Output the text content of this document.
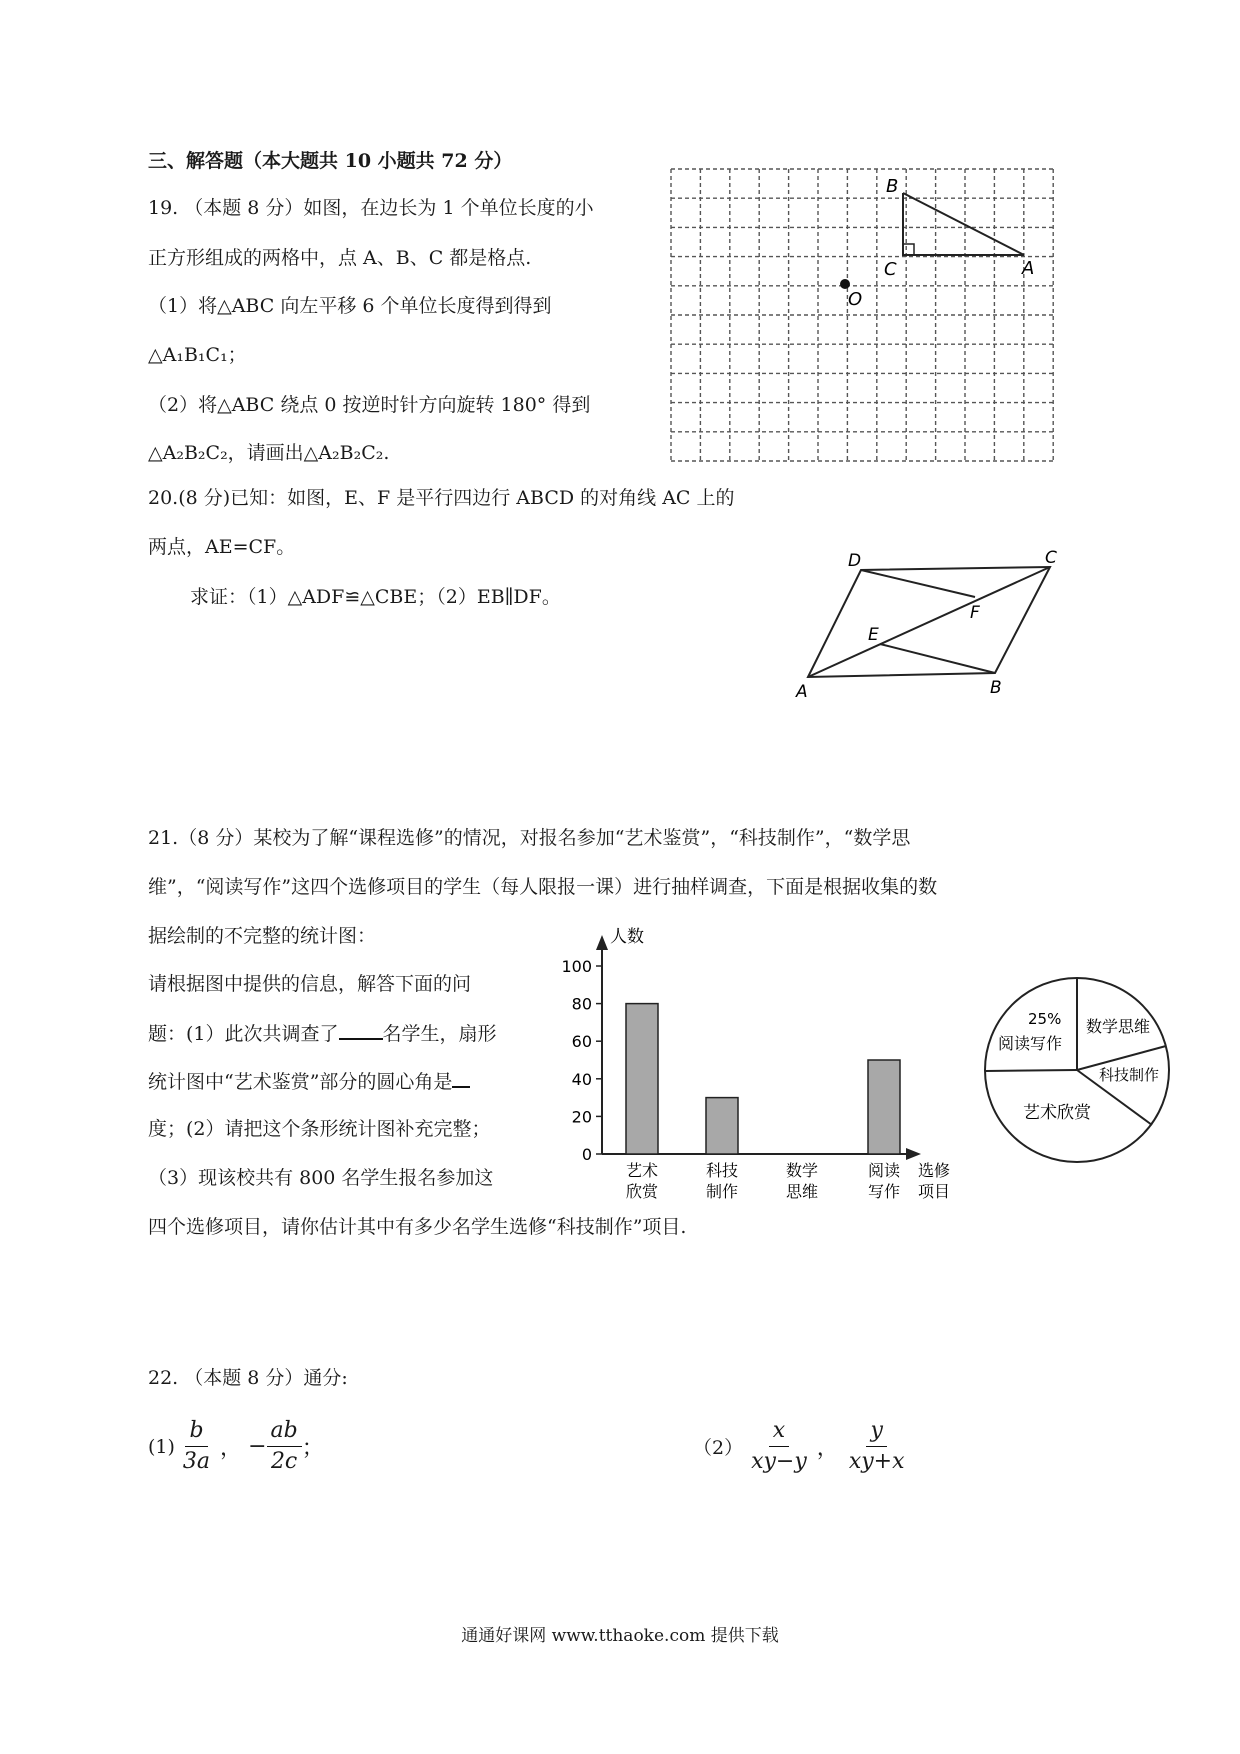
三、解答题（本大题共 10 小题共 72 分）
19. （本题 8 分）如图，在边长为 1 个单位长度的小
正方形组成的两格中，点 A、B、C 都是格点.
（1）将△ABC 向左平移 6 个单位长度得到得到
△A₁B₁C₁；
（2）将△ABC 绕点 0 按逆时针方向旋转 180° 得到
△A₂B₂C₂，请画出△A₂B₂C₂.
B
A
C
O
20.(8 分)已知：如图，E、F 是平行四边行 ABCD 的对角线 AC 上的
两点，AE=CF。
求证：（1）△ADF≌△CBE；（2）EB∥DF。
D	C
F
E
A	B
21.（8 分）某校为了解“课程选修”的情况，对报名参加“艺术鉴赏”，“科技制作”，“数学思
维”，“阅读写作”这四个选修项目的学生（每人限报一课）进行抽样调查，下面是根据收集的数
据绘制的不完整的统计图：
请根据图中提供的信息，解答下面的问
题：(1）此次共调查了 名学生，扇形
统计图中“艺术鉴赏”部分的圆心角是
度；(2）请把这个条形统计图补充完整；
（3）现该校共有 800 名学生报名参加这
四个选修项目，请你估计其中有多少名学生选修“科技制作”项目.
人数
0
20
40
60
80
100
艺术
欣赏
科技
制作
数学
思维
阅读
写作
选修
项目
数学思维
科技制作
艺术欣赏
25%
阅读写作
22. （本题 8 分）通分:
$(1) \frac{b}{3a}$ ， − $\frac{ab}{2c}$ ；	$(2) \frac{x}{xy-y}$ ， $\frac{y}{xy+x}$
通通好课网 www.tthaoke.com 提供下载
